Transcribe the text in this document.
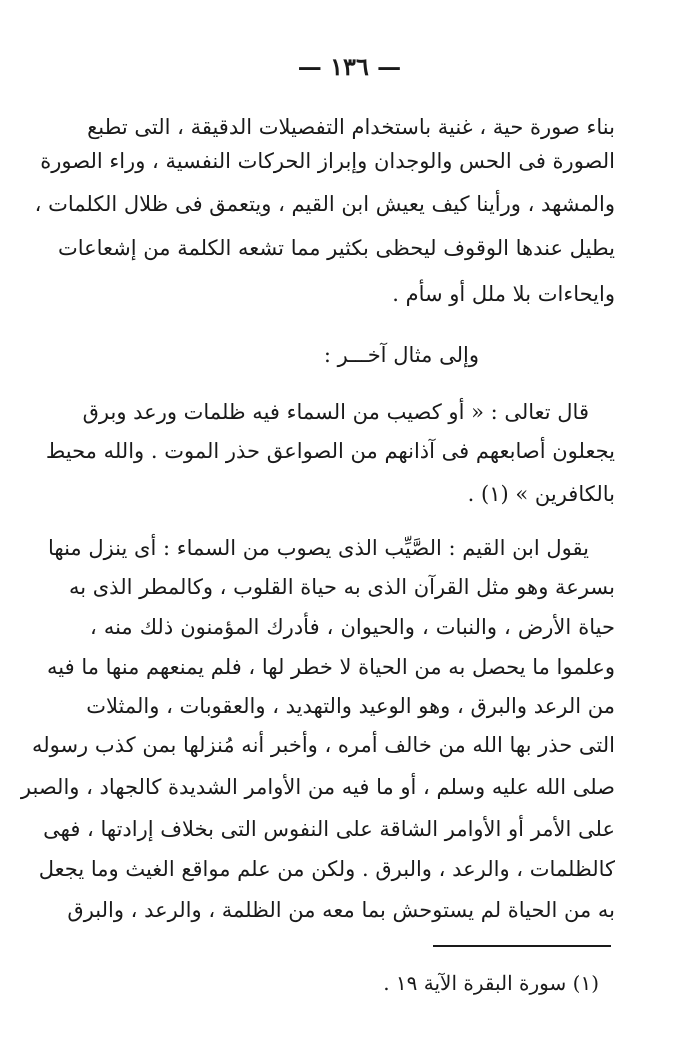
— ١٣٦ —
بناء صورة حية ، غنية باستخدام التفصيلات الدقيقة ، التى تطبع
الصورة فى الحس والوجدان وإبراز الحركات النفسية ، وراء الصورة
والمشهد ، ورأينا كيف يعيش ابن القيم ، ويتعمق فى ظلال الكلمات ،
يطيل عندها الوقوف ليحظى بكثير مما تشعه الكلمة من إشعاعات
وايحاءات بلا ملل أو سأم .
وإلى مثال آخـــر :
قال تعالى : « أو كصيب من السماء فيه ظلمات ورعد وبرق
يجعلون أصابعهم فى آذانهم من الصواعق حذر الموت . والله محيط
بالكافرين » (١) .
يقول ابن القيم : الصَّيِّب الذى يصوب من السماء : أى ينزل منها
بسرعة وهو مثل القرآن الذى به حياة القلوب ، وكالمطر الذى به
حياة الأرض ، والنبات ، والحيوان ، فأدرك المؤمنون ذلك منه ،
وعلموا ما يحصل به من الحياة لا خطر لها ، فلم يمنعهم منها ما فيه
من الرعد والبرق ، وهو الوعيد والتهديد ، والعقوبات ، والمثلات
التى حذر بها الله من خالف أمره ، وأخبر أنه مُنزلها بمن كذب رسوله
صلى الله عليه وسلم ، أو ما فيه من الأوامر الشديدة كالجهاد ، والصبر
على الأمر أو الأوامر الشاقة على النفوس التى بخلاف إرادتها ، فهى
كالظلمات ، والرعد ، والبرق . ولكن من علم مواقع الغيث وما يجعل
به من الحياة لم يستوحش بما معه من الظلمة ، والرعد ، والبرق
(١) سورة البقرة الآية ١٩ .
